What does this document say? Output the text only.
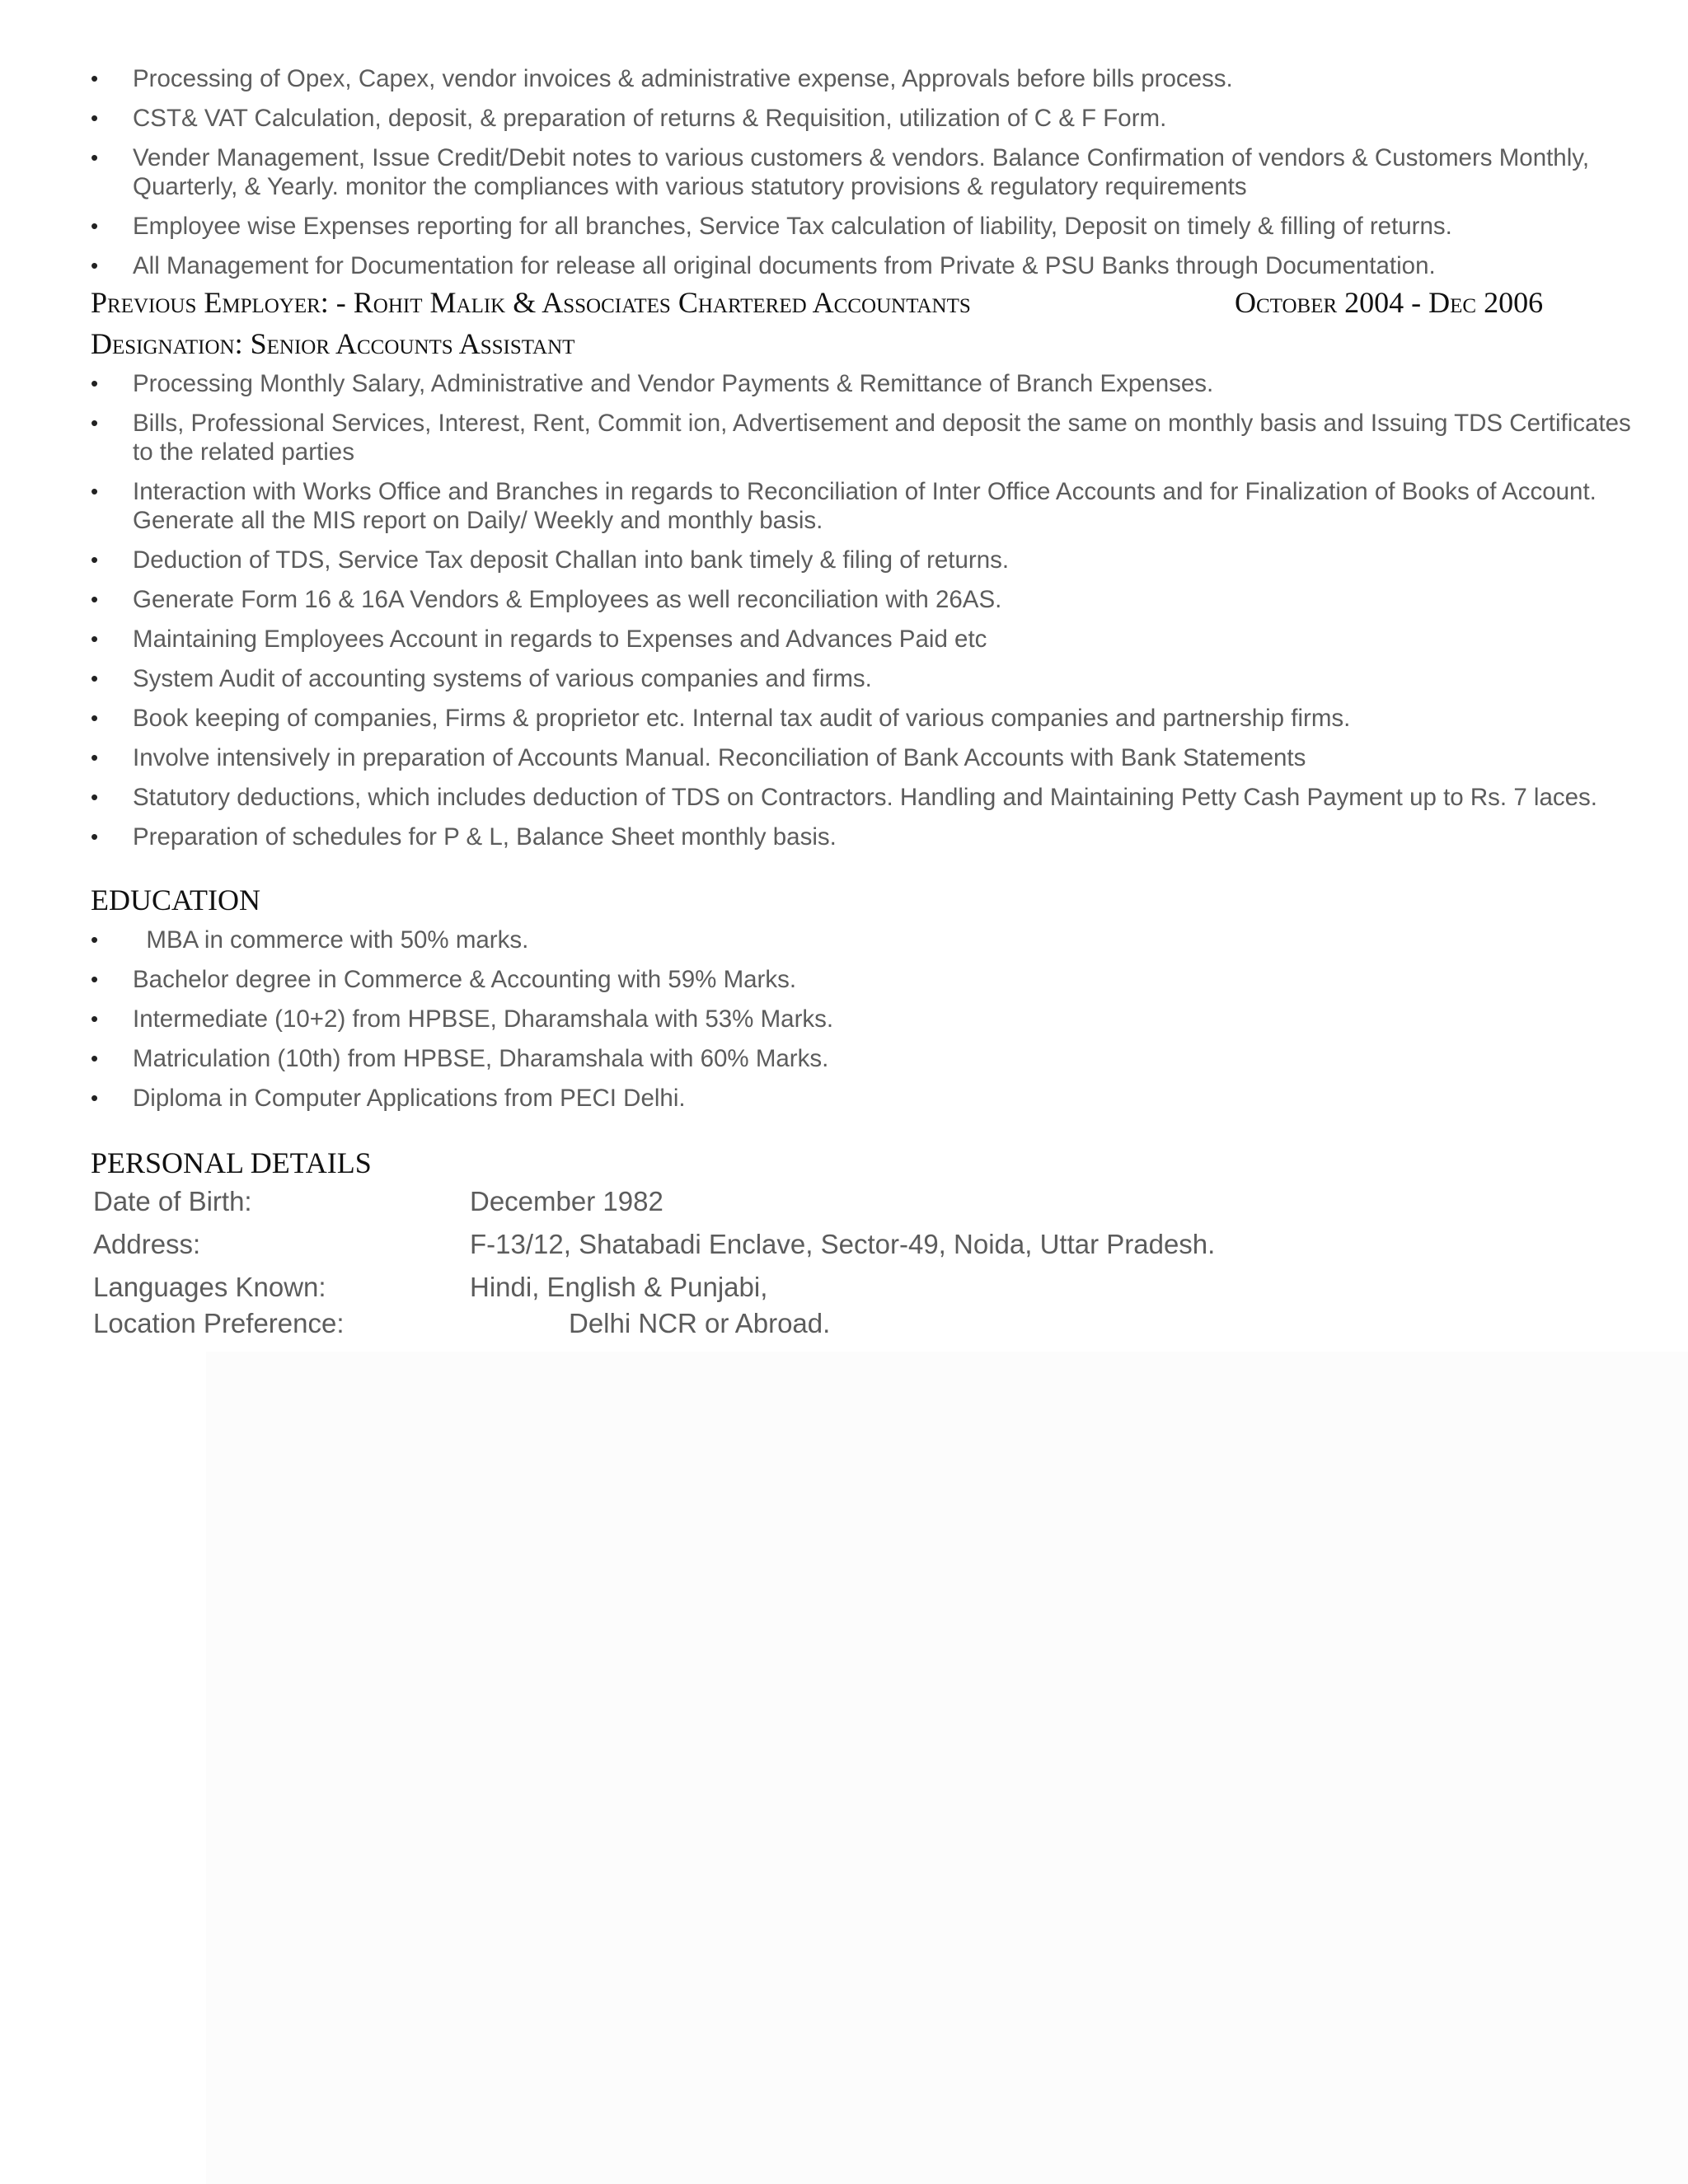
• Processing of Opex, Capex, vendor invoices & administrative expense, Approvals before bills process.
• CST& VAT Calculation, deposit, & preparation of returns & Requisition, utilization of C & F Form.
• Vender Management, Issue Credit/Debit notes to various customers & vendors. Balance Confirmation of vendors & Customers Monthly, Quarterly, & Yearly. monitor the compliances with various statutory provisions & regulatory requirements
• Employee wise Expenses reporting for all branches, Service Tax calculation of liability, Deposit on timely & filling of returns.
• All Management for Documentation for release all original documents from Private & PSU Banks through Documentation.
Previous Employer: - Rohit Malik & Associates Chartered Accountants	October 2004 - Dec 2006
Designation: Senior Accounts Assistant
• Processing Monthly Salary, Administrative and Vendor Payments & Remittance of Branch Expenses.
• Bills, Professional Services, Interest, Rent, Commit ion, Advertisement and deposit the same on monthly basis and Issuing TDS Certificates to the related parties
• Interaction with Works Office and Branches in regards to Reconciliation of Inter Office Accounts and for Finalization of Books of Account. Generate all the MIS report on Daily/ Weekly and monthly basis.
• Deduction of TDS, Service Tax deposit Challan into bank timely & filing of returns.
• Generate Form 16 & 16A Vendors & Employees as well reconciliation with 26AS.
• Maintaining Employees Account in regards to Expenses and Advances Paid etc
• System Audit of accounting systems of various companies and firms.
• Book keeping of companies, Firms & proprietor etc. Internal tax audit of various companies and partnership firms.
• Involve intensively in preparation of Accounts Manual. Reconciliation of Bank Accounts with Bank Statements
• Statutory deductions, which includes deduction of TDS on Contractors. Handling and Maintaining Petty Cash Payment up to Rs. 7 laces.
• Preparation of schedules for P & L, Balance Sheet monthly basis.
EDUCATION
• MBA in commerce with 50% marks.
• Bachelor degree in Commerce & Accounting with 59% Marks.
• Intermediate (10+2) from HPBSE, Dharamshala with 53% Marks.
• Matriculation (10th) from HPBSE, Dharamshala with 60% Marks.
• Diploma in Computer Applications from PECI Delhi.
PERSONAL DETAILS
Date of Birth:	December 1982
Address:	F-13/12, Shatabadi Enclave, Sector-49, Noida, Uttar Pradesh.
Languages Known:	Hindi, English & Punjabi,
Location Preference:	Delhi NCR or Abroad.
